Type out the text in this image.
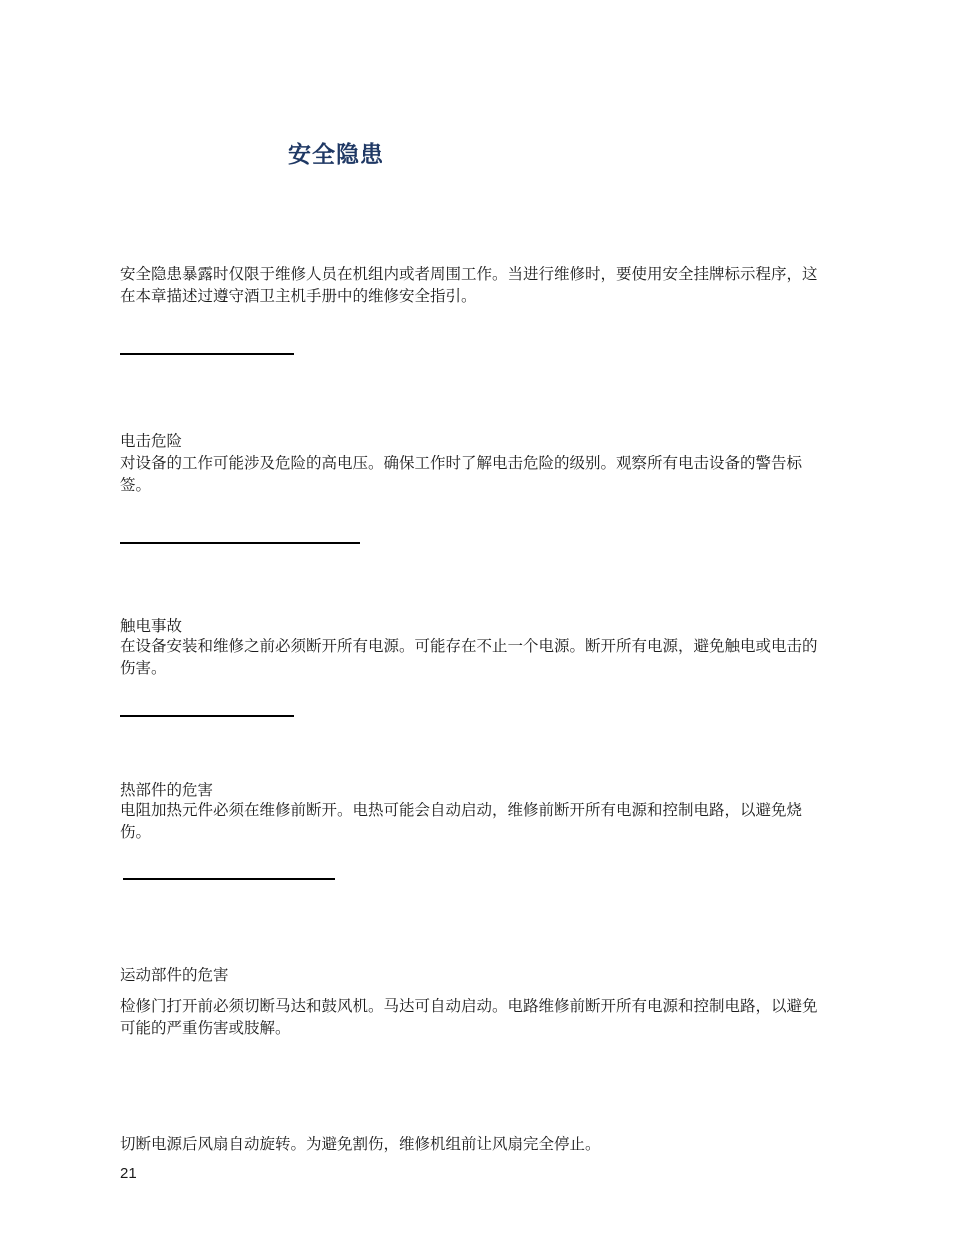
安全隐患
安全隐患暴露时仅限于维修人员在机组内或者周围工作。当进行维修时，要使用安全挂牌标示程序，这在本章描述过遵守酒卫主机手册中的维修安全指引。
电击危险
对设备的工作可能涉及危险的高电压。确保工作时了解电击危险的级别。观察所有电击设备的警告标签。
触电事故
在设备安装和维修之前必须断开所有电源。可能存在不止一个电源。断开所有电源，避免触电或电击的伤害。
热部件的危害
电阻加热元件必须在维修前断开。电热可能会自动启动，维修前断开所有电源和控制电路，以避免烧伤。
运动部件的危害
检修门打开前必须切断马达和鼓风机。马达可自动启动。电路维修前断开所有电源和控制电路，以避免可能的严重伤害或肢解。
切断电源后风扇自动旋转。为避免割伤，维修机组前让风扇完全停止。
21
